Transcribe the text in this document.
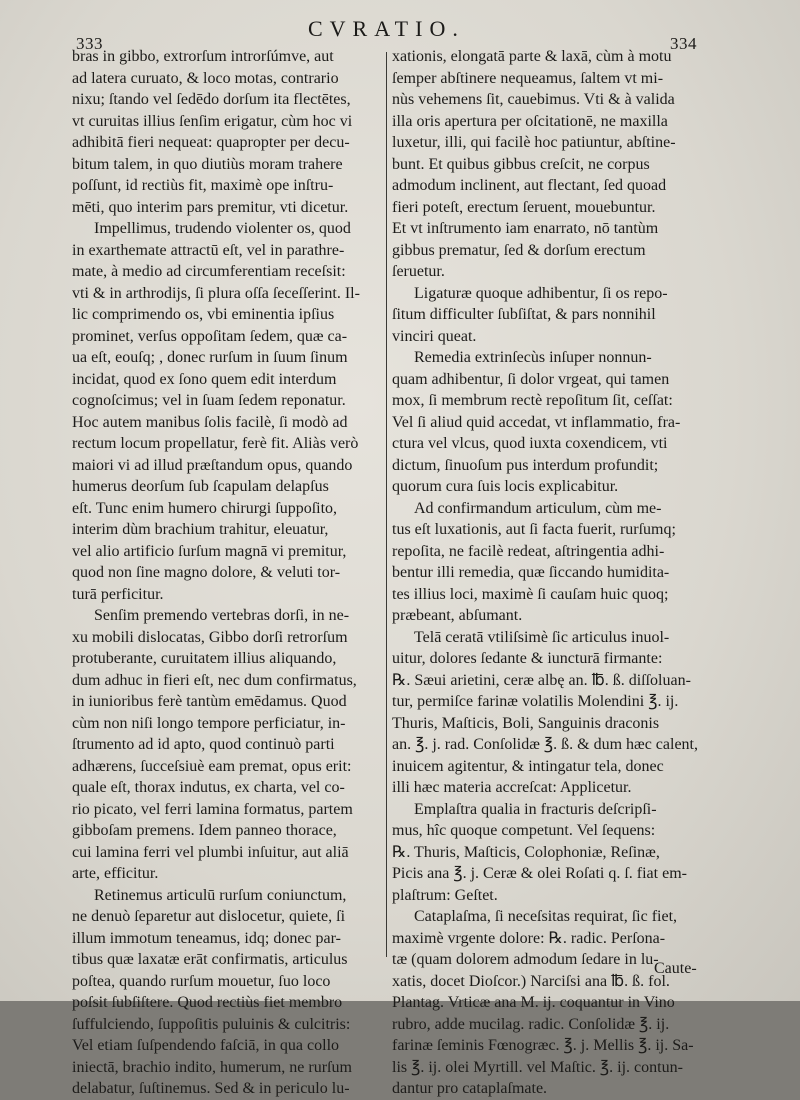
333
CVRATIO.
334
bras in gibbo, extrorſum introrſúmve, aut
ad latera curuato, & loco motas, contrario
nixu; ſtando vel ſedēdo dorſum ita flectētes,
vt curuitas illius ſenſim erigatur, cùm hoc vi
adhibitā fieri nequeat: quapropter per decu-
bitum talem, in quo diutiùs moram trahere
poſſunt, id rectiùs fit, maximè ope inſtru-
mēti, quo interim pars premitur, vti dicetur.
Impellimus, trudendo violenter os, quod
in exarthemate attractū eſt, vel in parathre-
mate, à medio ad circumferentiam receſsit:
vti & in arthrodijs, ſi plura oſſa ſeceſſerint. Il-
lic comprimendo os, vbi eminentia ipſius
prominet, verſus oppoſitam ſedem, quæ ca-
ua eſt, eouſq; , donec rurſum in ſuum ſinum
incidat, quod ex ſono quem edit interdum
cognoſcimus; vel in ſuam ſedem reponatur.
Hoc autem manibus ſolis facilè, ſi modò ad
rectum locum propellatur, ferè fit. Aliàs verò
maiori vi ad illud præſtandum opus, quando
humerus deorſum ſub ſcapulam delapſus
eſt. Tunc enim humero chirurgi ſuppoſito,
interim dùm brachium trahitur, eleuatur,
vel alio artificio ſurſum magnā vi premitur,
quod non ſine magno dolore, & veluti tor-
turā perficitur.
Senſim premendo vertebras dorſi, in ne-
xu mobili dislocatas, Gibbo dorſi retrorſum
protuberante, curuitatem illius aliquando,
dum adhuc in fieri eſt, nec dum confirmatus,
in iunioribus ferè tantùm emēdamus. Quod
cùm non niſi longo tempore perficiatur, in-
ſtrumento ad id apto, quod continuò parti
adhærens, ſucceſsiuè eam premat, opus erit:
quale eſt, thorax indutus, ex charta, vel co-
rio picato, vel ferri lamina formatus, partem
gibboſam premens. Idem panneo thorace,
cui lamina ferri vel plumbi inſuitur, aut aliā
arte, efficitur.
Retinemus articulū rurſum coniunctum,
ne denuò ſeparetur aut dislocetur, quiete, ſi
illum immotum teneamus, idq; donec par-
tibus quæ laxatæ erāt confirmatis, articulus
poſtea, quando rurſum mouetur, ſuo loco
poſsit ſubſiſtere. Quod rectiùs fiet membro
ſuffulciendo, ſuppoſitis puluinis & culcitris:
Vel etiam ſuſpendendo faſciā, in qua collo
iniectā, brachio indito, humerum, ne rurſum
delabatur, ſuſtinemus. Sed & in periculo lu-
xationis, elongatā parte & laxā, cùm à motu
ſemper abſtinere nequeamus, ſaltem vt mi-
nùs vehemens ſit, cauebimus. Vti & à valida
illa oris apertura per oſcitationē, ne maxilla
luxetur, illi, qui facilè hoc patiuntur, abſtine-
bunt. Et quibus gibbus creſcit, ne corpus
admodum inclinent, aut flectant, ſed quoad
fieri poteſt, erectum ſeruent, mouebuntur.
Et vt inſtrumento iam enarrato, nō tantùm
gibbus prematur, ſed & dorſum erectum
ſeruetur.
Ligaturæ quoque adhibentur, ſi os repo-
ſitum difficulter ſubſiſtat, & pars nonnihil
vinciri queat.
Remedia extrinſecùs inſuper nonnun-
quam adhibentur, ſi dolor vrgeat, qui tamen
mox, ſi membrum rectè repoſitum ſit, ceſſat:
Vel ſi aliud quid accedat, vt inflammatio, fra-
ctura vel vlcus, quod iuxta coxendicem, vti
dictum, ſinuoſum pus interdum profundit;
quorum cura ſuis locis explicabitur.
Ad confirmandum articulum, cùm me-
tus eſt luxationis, aut ſi facta fuerit, rurſumq;
repoſita, ne facilè redeat, aſtringentia adhi-
bentur illi remedia, quæ ſiccando humidita-
tes illius loci, maximè ſi cauſam huic quoq;
præbeant, abſumant.
Telā ceratā vtiliſsimè ſic articulus inuol-
uitur, dolores ſedante & iuncturā firmante:
℞. Sæui arietini, ceræ albę an. ℔. ß. diſſoluan-
tur, permiſce farinæ volatilis Molendini ℥. ij.
Thuris, Maſticis, Boli, Sanguinis draconis
an. ℥. j. rad. Conſolidæ ℥. ß. & dum hæc calent,
inuicem agitentur, & intingatur tela, donec
illi hæc materia accreſcat: Applicetur.
Emplaſtra qualia in fracturis deſcripſi-
mus, hîc quoque competunt. Vel ſequens:
℞. Thuris, Maſticis, Colophoniæ, Reſinæ,
Picis ana ℥. j. Ceræ & olei Roſati q. ſ. fiat em-
plaſtrum: Geſtet.
Cataplaſma, ſi neceſsitas requirat, ſic fiet,
maximè vrgente dolore: ℞. radic. Perſona-
tæ (quam dolorem admodum ſedare in lu-
xatis, docet Dioſcor.) Narciſsi ana ℔. ß. fol.
Plantag. Vrticæ ana M. ij. coquantur in Vino
rubro, adde mucilag. radic. Conſolidæ ℥. ij.
farinæ ſeminis Fœnogræc. ℥. j. Mellis ℥. ij. Sa-
lis ℥. ij. olei Myrtill. vel Maſtic. ℥. ij. contun-
dantur pro cataplaſmate.
Caute-
